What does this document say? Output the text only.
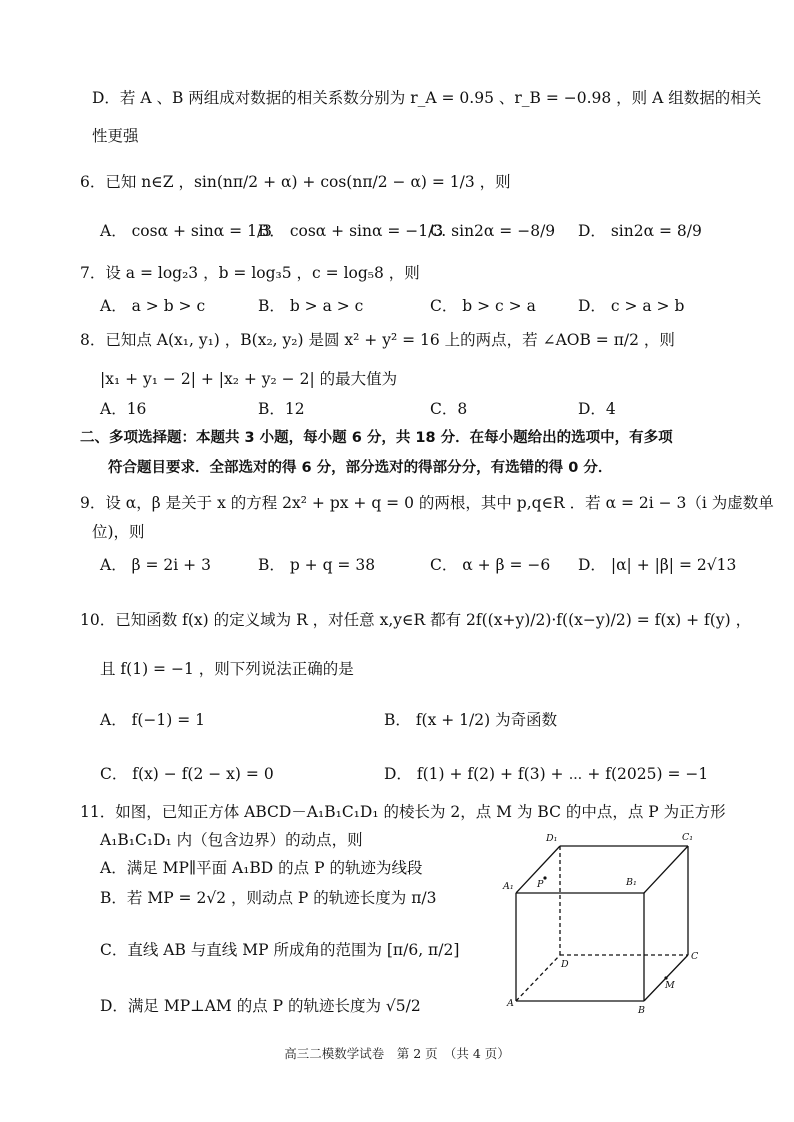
D．若 A 、B 两组成对数据的相关系数分别为 r_A = 0.95 、r_B = −0.98 ，则 A 组数据的相关
性更强
6．已知 n∈Z ，sin(nπ/2 + α) + cos(nπ/2 − α) = 1/3 ，则
A． cosα + sinα = 1/3
B． cosα + sinα = −1/3
C. sin2α = −8/9 D． sin2α = 8/9
7．设 a = log₂3 ，b = log₃5 ，c = log₅8 ，则
A． a > b > c	B． b > a > c	C． b > c > a	D． c > a > b
8．已知点 A(x₁, y₁) ，B(x₂, y₂) 是圆 x² + y² = 16 上的两点，若 ∠AOB = π/2 ，则
|x₁ + y₁ − 2| + |x₂ + y₂ − 2| 的最大值为
A．16	B．12	C．8	D．4
二、多项选择题：本题共 3 小题，每小题 6 分，共 18 分．在每小题给出的选项中，有多项
符合题目要求．全部选对的得 6 分，部分选对的得部分分，有选错的得 0 分．
9．设 α，β 是关于 x 的方程 2x² + px + q = 0 的两根，其中 p,q∈R ．若 α = 2i − 3（i 为虚数单
位)，则
A． β = 2i + 3	B． p + q = 38	C． α + β = −6 D． |α| + |β| = 2√13
10．已知函数 f(x) 的定义域为 R ，对任意 x,y∈R 都有 2f((x+y)/2)·f((x−y)/2) = f(x) + f(y) ，
且 f(1) = −1 ，则下列说法正确的是
A． f(−1) = 1	B． f(x + 1/2) 为奇函数
C． f(x) − f(2 − x) = 0	D． f(1) + f(2) + f(3) + ⋯ + f(2025) = −1
11．如图，已知正方体 ABCD－A₁B₁C₁D₁ 的棱长为 2，点 M 为 BC 的中点，点 P 为正方形
A₁B₁C₁D₁ 内（包含边界）的动点，则
A．满足 MP∥平面 A₁BD 的点 P 的轨迹为线段
B．若 MP = 2√2 ，则动点 P 的轨迹长度为 π/3
C．直线 AB 与直线 MP 所成角的范围为 [π/6, π/2]
D．满足 MP⊥AM 的点 P 的轨迹长度为 √5/2
D₁	C₁
A₁ P	B₁
D
C
M
A
B
高三二模数学试卷　第 2 页　（共 4 页）
